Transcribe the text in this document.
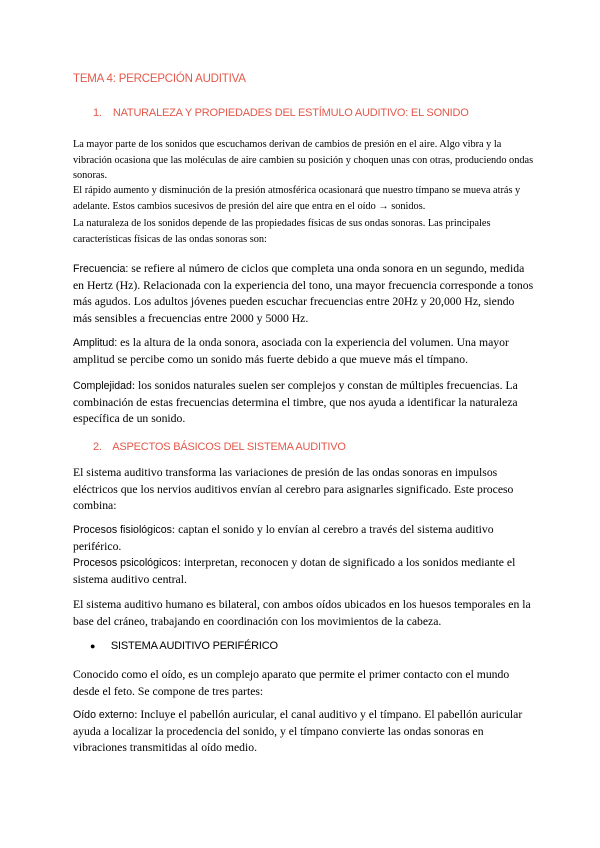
TEMA 4: PERCEPCIÓN AUDITIVA
1. NATURALEZA Y PROPIEDADES DEL ESTÍMULO AUDITIVO: EL SONIDO

La mayor parte de los sonidos que escuchamos derivan de cambios de presión en el aire. Algo vibra y la vibración ocasiona que las moléculas de aire cambien su posición y choquen unas con otras, produciendo ondas sonoras.

El rápido aumento y disminución de la presión atmosférica ocasionará que nuestro tímpano se mueva atrás y adelante. Estos cambios sucesivos de presión del aire que entra en el oído → sonidos.

La naturaleza de los sonidos depende de las propiedades físicas de sus ondas sonoras. Las principales características físicas de las ondas sonoras son:

Frecuencia: se refiere al número de ciclos que completa una onda sonora en un segundo, medida en Hertz (Hz). Relacionada con la experiencia del tono, una mayor frecuencia corresponde a tonos más agudos. Los adultos jóvenes pueden escuchar frecuencias entre 20Hz y 20,000 Hz, siendo más sensibles a frecuencias entre 2000 y 5000 Hz.

Amplitud: es la altura de la onda sonora, asociada con la experiencia del volumen. Una mayor amplitud se percibe como un sonido más fuerte debido a que mueve más el tímpano.

Complejidad: los sonidos naturales suelen ser complejos y constan de múltiples frecuencias. La combinación de estas frecuencias determina el timbre, que nos ayuda a identificar la naturaleza específica de un sonido.

2. ASPECTOS BÁSICOS DEL SISTEMA AUDITIVO

El sistema auditivo transforma las variaciones de presión de las ondas sonoras en impulsos eléctricos que los nervios auditivos envían al cerebro para asignarles significado. Este proceso combina:

Procesos fisiológicos: captan el sonido y lo envían al cerebro a través del sistema auditivo periférico.

Procesos psicológicos: interpretan, reconocen y dotan de significado a los sonidos mediante el sistema auditivo central.

El sistema auditivo humano es bilateral, con ambos oídos ubicados en los huesos temporales en la base del cráneo, trabajando en coordinación con los movimientos de la cabeza.

● SISTEMA AUDITIVO PERIFÉRICO

Conocido como el oído, es un complejo aparato que permite el primer contacto con el mundo desde el feto. Se compone de tres partes:

Oído externo: Incluye el pabellón auricular, el canal auditivo y el tímpano. El pabellón auricular ayuda a localizar la procedencia del sonido, y el tímpano convierte las ondas sonoras en vibraciones transmitidas al oído medio.
